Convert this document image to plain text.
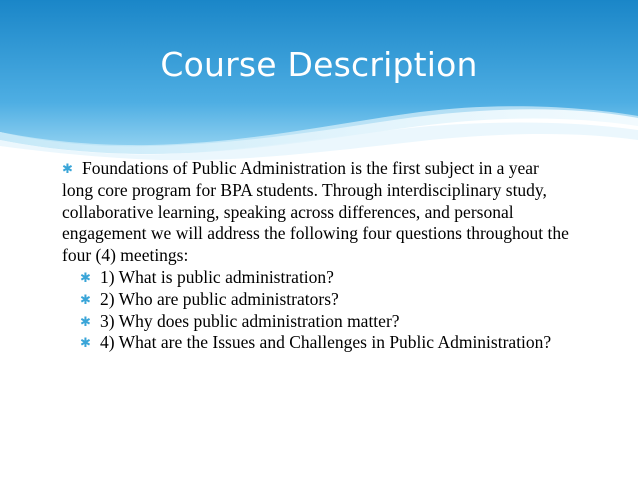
Course Description

✱ Foundations of Public Administration is the first subject in a year long core program for BPA students. Through interdisciplinary study, collaborative learning, speaking across differences, and personal engagement we will address the following four questions throughout the four (4) meetings:

✱ 1) What is public administration?
✱ 2) Who are public administrators?
✱ 3) Why does public administration matter?
✱ 4) What are the Issues and Challenges in Public Administration?
